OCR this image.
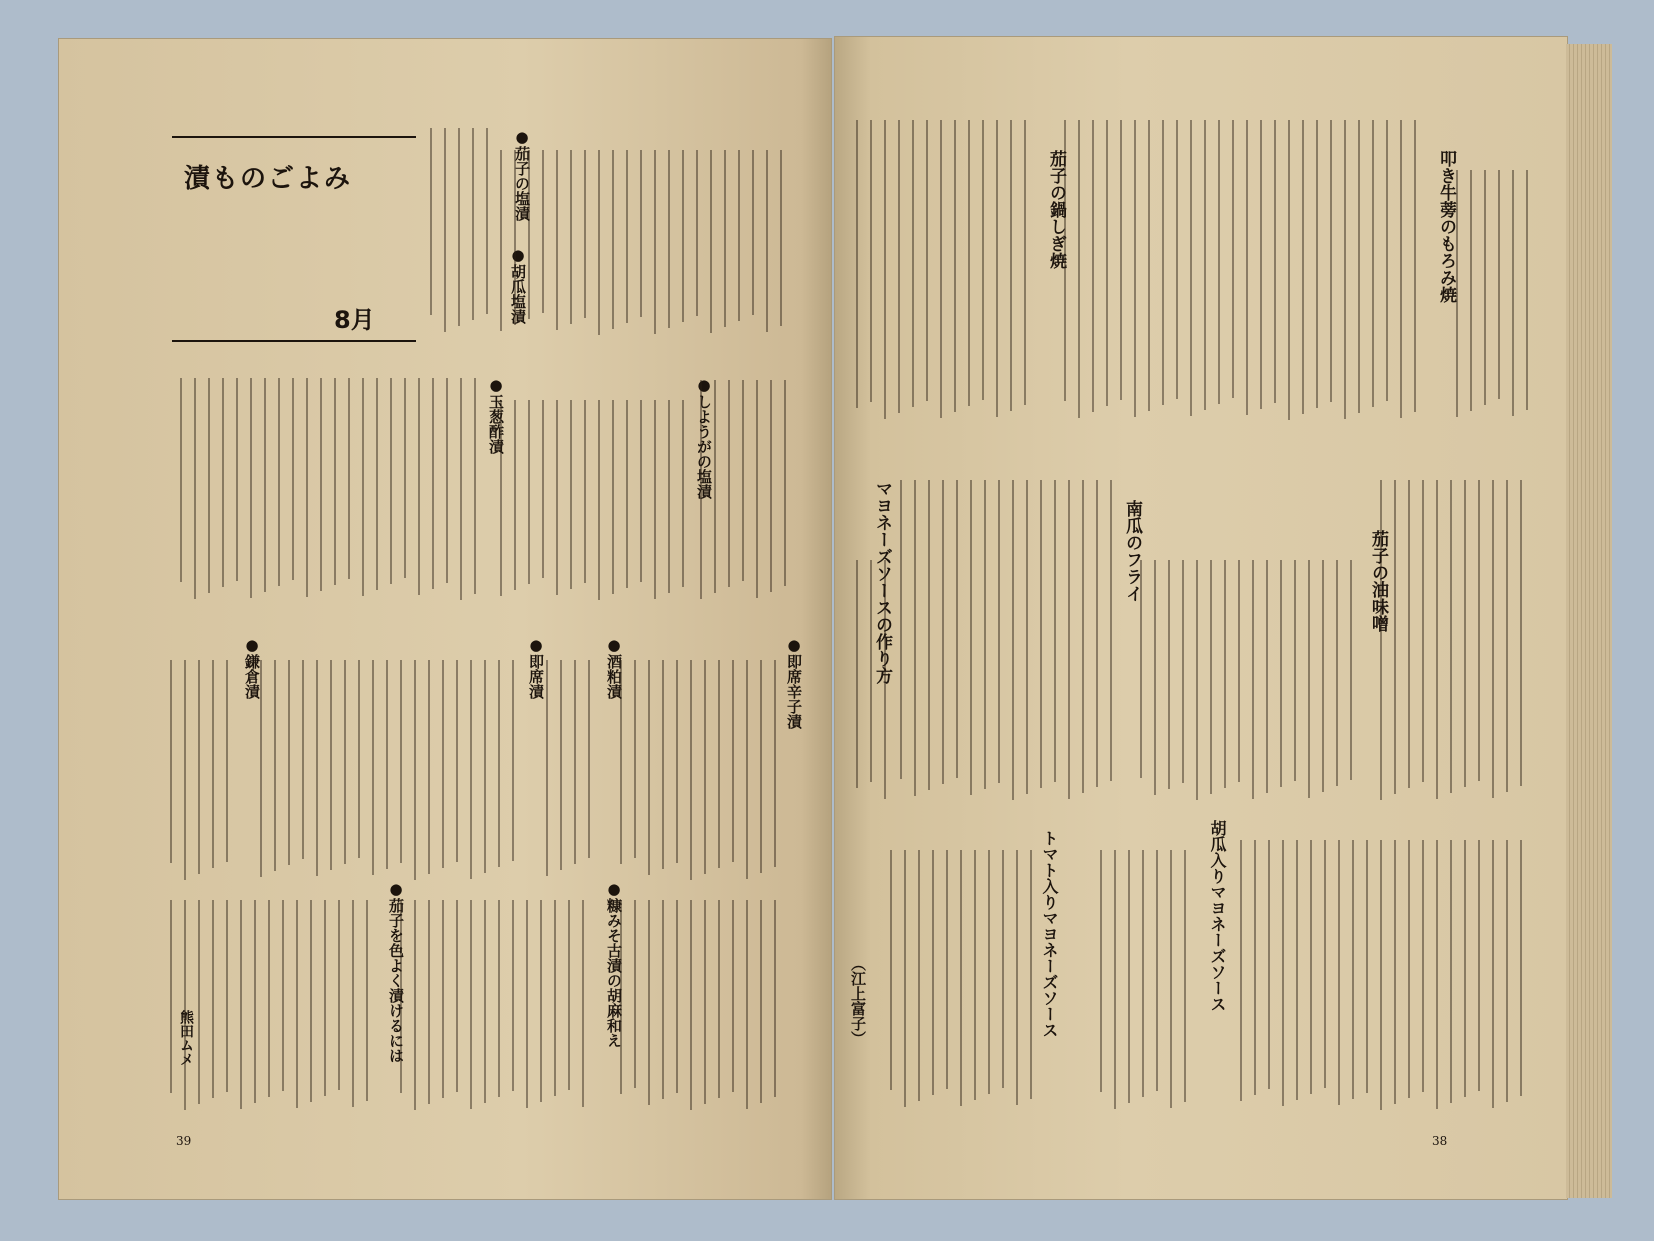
漬ものごよみ
8月
●茄子の塩漬
●胡瓜塩漬
●しようがの塩漬
●玉葱酢漬
●即席辛子漬
●酒粕漬
●即席漬
●鎌倉漬
●糠みそ古漬の胡麻和え
●茄子を色よく漬けるには
熊田ムメ
39
叩き牛蒡のもろみ焼
茄子の鍋しぎ焼
茄子の油味噌
南瓜のフライ
マヨネーズソースの作り方
胡瓜入りマヨネーズソース
トマト入りマヨネーズソース
（江上富子）
38
